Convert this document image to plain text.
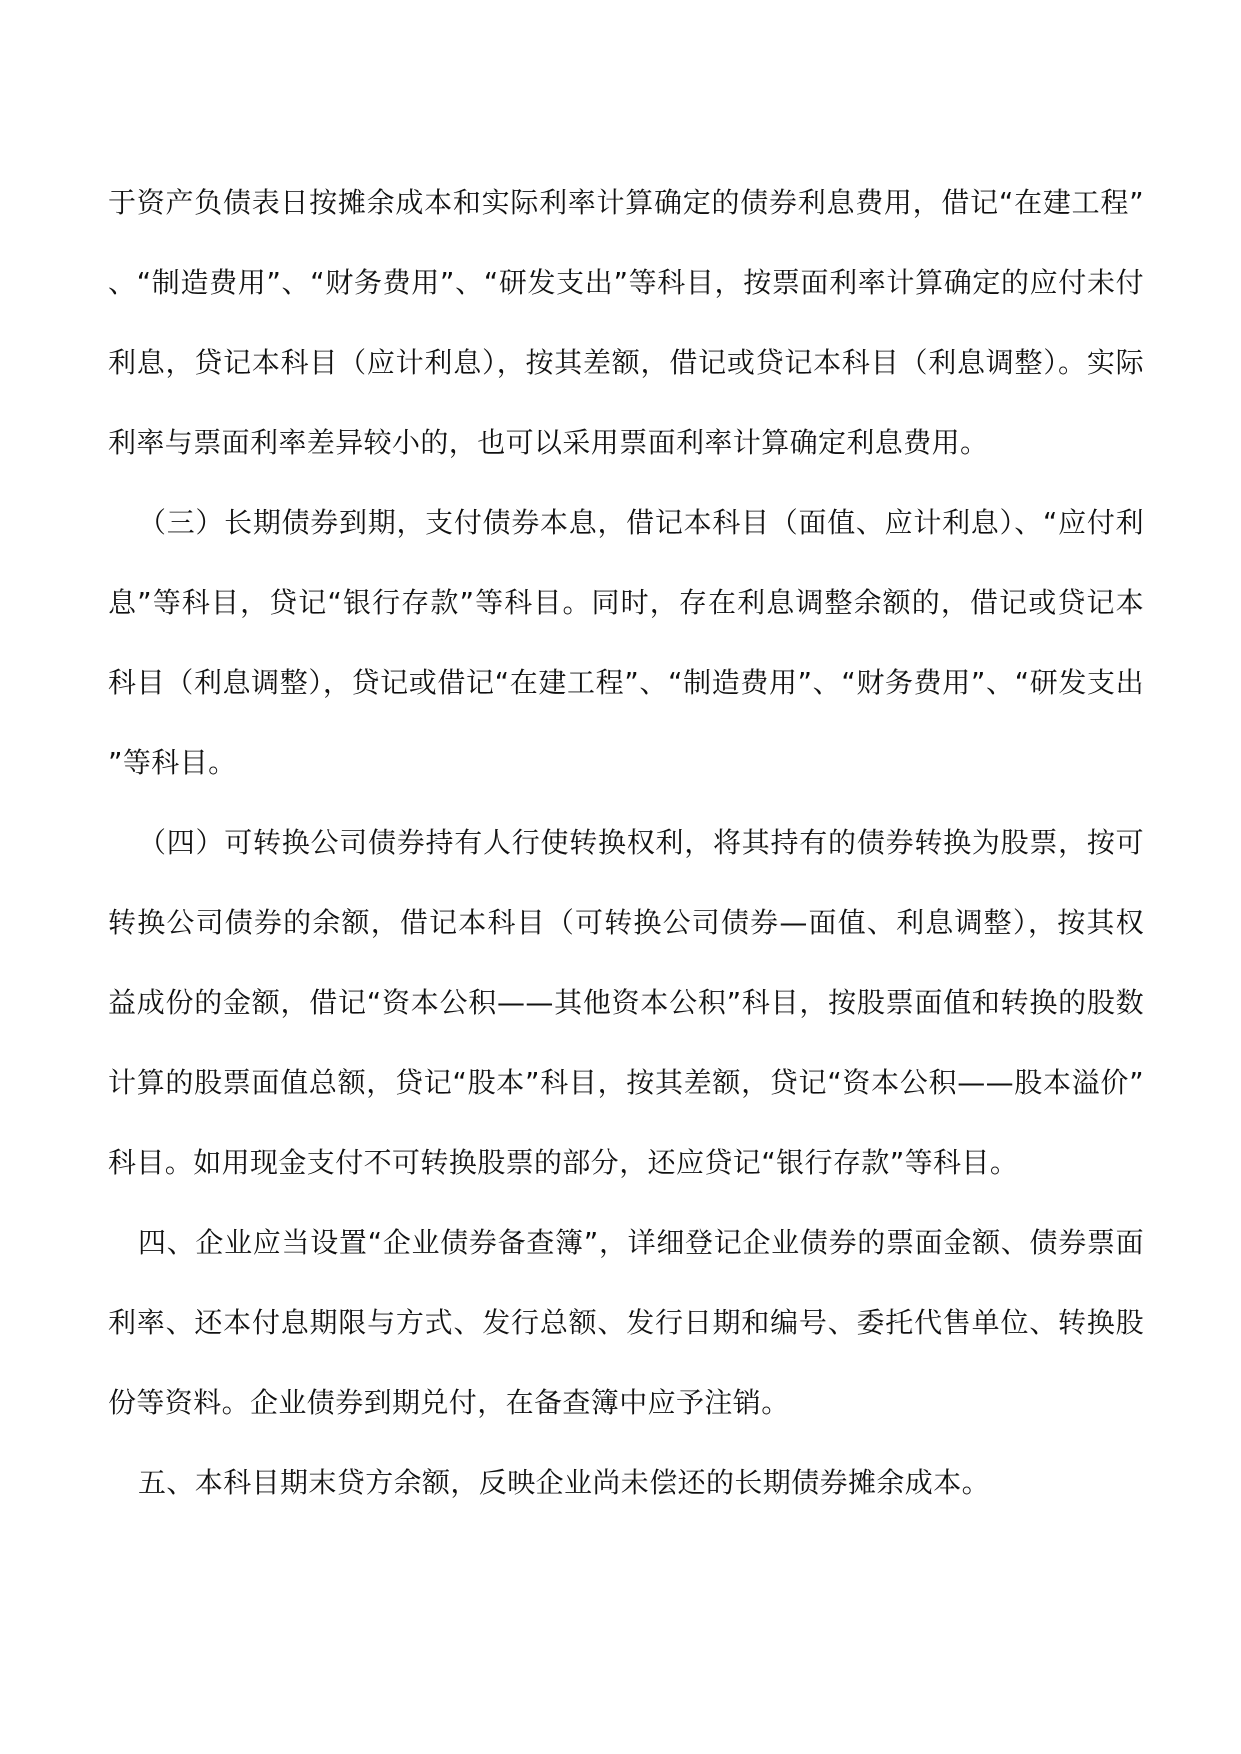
于资产负债表日按摊余成本和实际利率计算确定的债券利息费用，借记“在建工程”、“制造费用”、“财务费用”、“研发支出”等科目，按票面利率计算确定的应付未付利息，贷记本科目（应计利息），按其差额，借记或贷记本科目（利息调整）。实际利率与票面利率差异较小的，也可以采用票面利率计算确定利息费用。

（三）长期债券到期，支付债券本息，借记本科目（面值、应计利息）、“应付利息”等科目，贷记“银行存款”等科目。同时，存在利息调整余额的，借记或贷记本科目（利息调整），贷记或借记“在建工程”、“制造费用”、“财务费用”、“研发支出”等科目。

（四）可转换公司债券持有人行使转换权利，将其持有的债券转换为股票，按可转换公司债券的余额，借记本科目（可转换公司债券—面值、利息调整），按其权益成份的金额，借记“资本公积——其他资本公积”科目，按股票面值和转换的股数计算的股票面值总额，贷记“股本”科目，按其差额，贷记“资本公积——股本溢价”科目。如用现金支付不可转换股票的部分，还应贷记“银行存款”等科目。

四、企业应当设置“企业债券备查簿”，详细登记企业债券的票面金额、债券票面利率、还本付息期限与方式、发行总额、发行日期和编号、委托代售单位、转换股份等资料。企业债券到期兑付，在备查簿中应予注销。

五、本科目期末贷方余额，反映企业尚未偿还的长期债券摊余成本。
